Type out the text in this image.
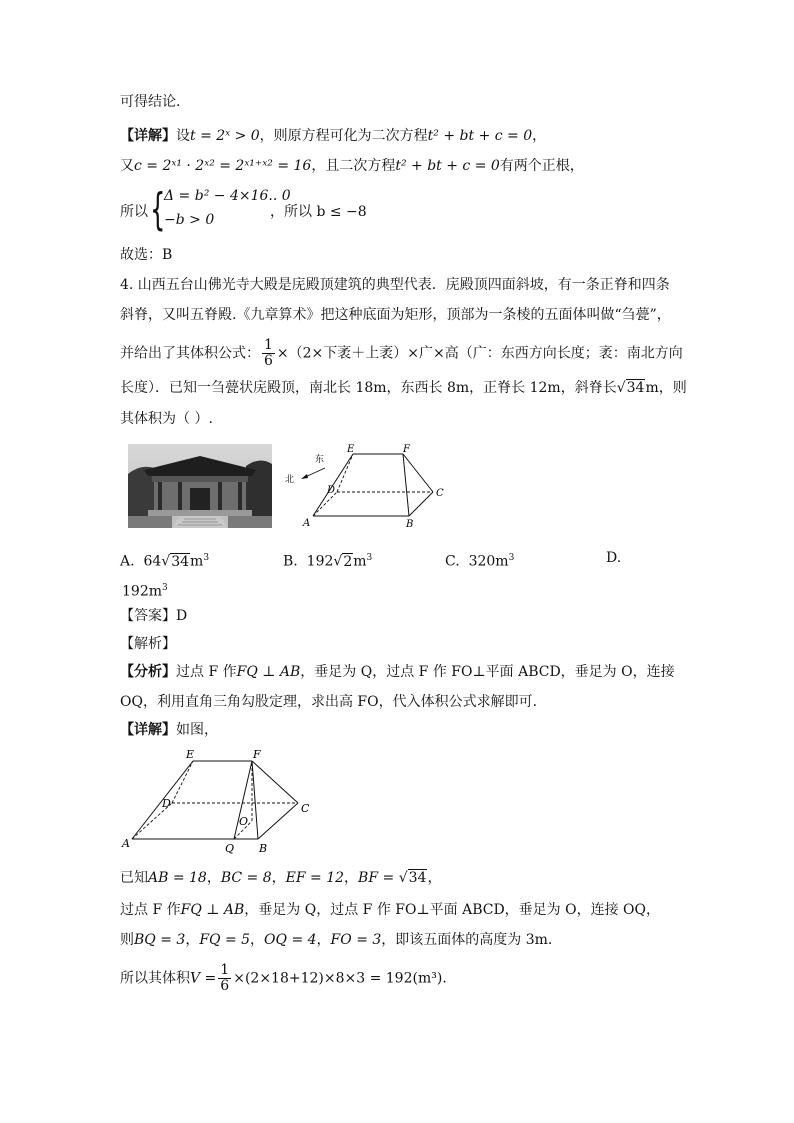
可得结论.
【详解】设t = 2ˣ > 0，则原方程可化为二次方程t² + bt + c = 0，
又c = 2ˣ¹ · 2ˣ² = 2ˣ¹⁺ˣ² = 16，且二次方程t² + bt + c = 0有两个正根，
所以 {
Δ = b² − 4×16.. 0
−b > 0	，所以 b ≤ −8
故选：B
4. 山西五台山佛光寺大殿是庑殿顶建筑的典型代表．庑殿顶四面斜坡，有一条正脊和四条
斜脊，又叫五脊殿.《九章算术》把这种底面为矩形，顶部为一条棱的五面体叫做“刍甍”，
并给出了其体积公式： $\frac{1}{6} \times(2\times$下袤＋上袤）×广×高（广：东西方向长度；袤：南北方向
长度）．已知一刍甍状庑殿顶，南北长 18m，东西长 8m，正脊长 12m，斜脊长√34m，则
其体积为（ ）.
北
东
E	F
D	C
A	B
A. $64√34m^3$	B. $192√2m^3$	C. $320m^3$	D.
$192m^3$
【答案】D
【解析】
【分析】过点 F 作FQ ⊥ AB，垂足为 Q，过点 F 作 FO⊥平面 ABCD，垂足为 O，连接
OQ，利用直角三角勾股定理，求出高 FO，代入体积公式求解即可.
【详解】如图，
E	F
D	C
A	B
Q
O
已知AB = 18，BC = 8，EF = 12，BF = √34，
过点 F 作FQ ⊥ AB，垂足为 Q，过点 F 作 FO⊥平面 ABCD，垂足为 O，连接 OQ，
则BQ = 3，FQ = 5，OQ = 4，FO = 3，即该五面体的高度为 3m.
所以其体积$V = \frac{1}{6} \times(2\times 18+12)\times 8\times 3 = 192(m^3)$.
